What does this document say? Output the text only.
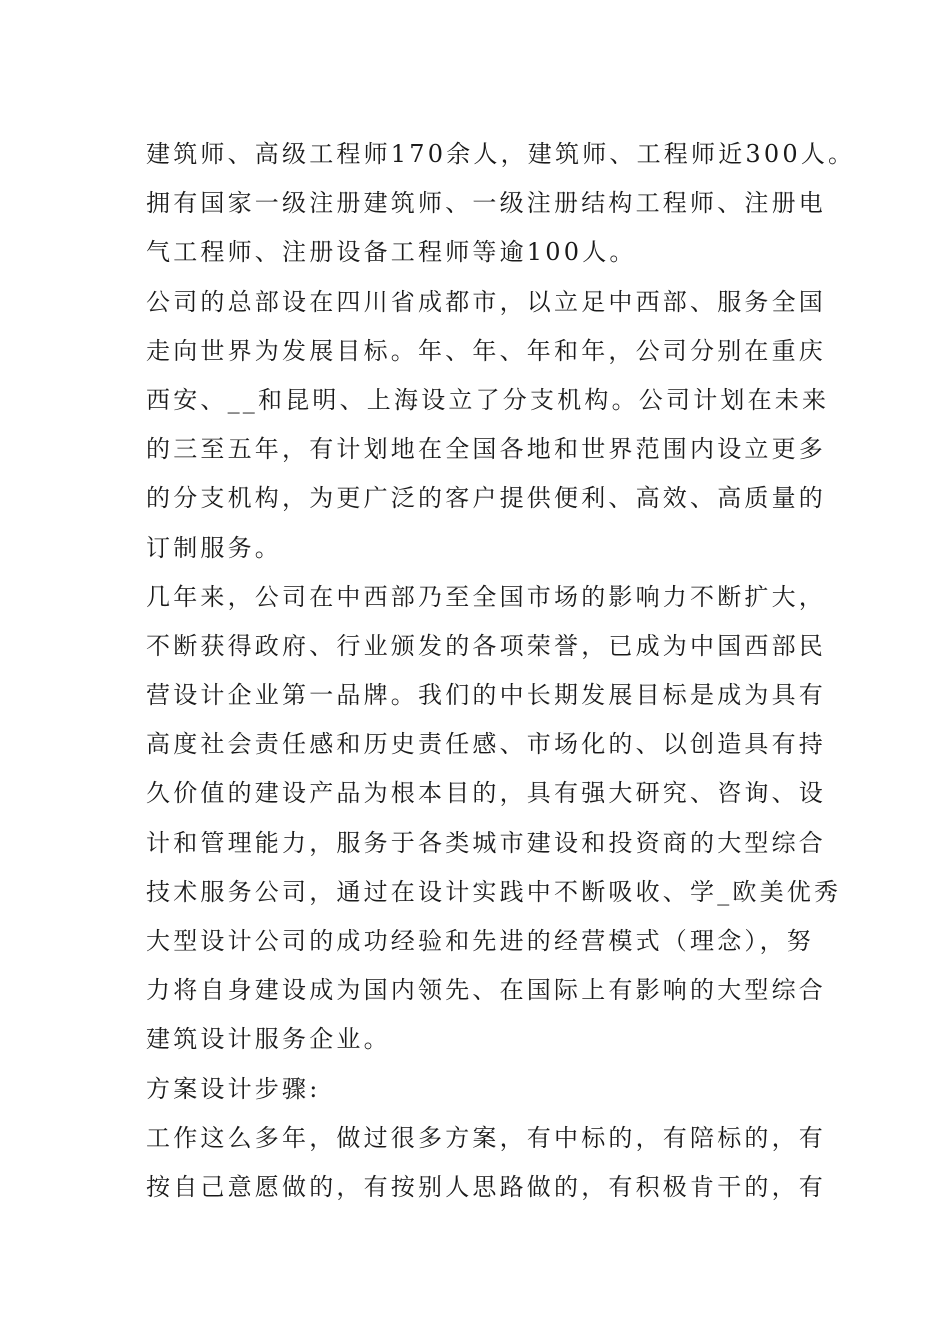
建筑师、高级工程师170余人，建筑师、工程师近300人。
拥有国家一级注册建筑师、一级注册结构工程师、注册电
气工程师、注册设备工程师等逾100人。
公司的总部设在四川省成都市，以立足中西部、服务全国
走向世界为发展目标。年、年、年和年，公司分别在重庆
西安、__和昆明、上海设立了分支机构。公司计划在未来
的三至五年，有计划地在全国各地和世界范围内设立更多
的分支机构，为更广泛的客户提供便利、高效、高质量的
订制服务。
几年来，公司在中西部乃至全国市场的影响力不断扩大，
不断获得政府、行业颁发的各项荣誉，已成为中国西部民
营设计企业第一品牌。我们的中长期发展目标是成为具有
高度社会责任感和历史责任感、市场化的、以创造具有持
久价值的建设产品为根本目的，具有强大研究、咨询、设
计和管理能力，服务于各类城市建设和投资商的大型综合
技术服务公司，通过在设计实践中不断吸收、学_欧美优秀
大型设计公司的成功经验和先进的经营模式（理念），努
力将自身建设成为国内领先、在国际上有影响的大型综合
建筑设计服务企业。
方案设计步骤:
工作这么多年，做过很多方案，有中标的，有陪标的，有
按自己意愿做的，有按别人思路做的，有积极肯干的，有
